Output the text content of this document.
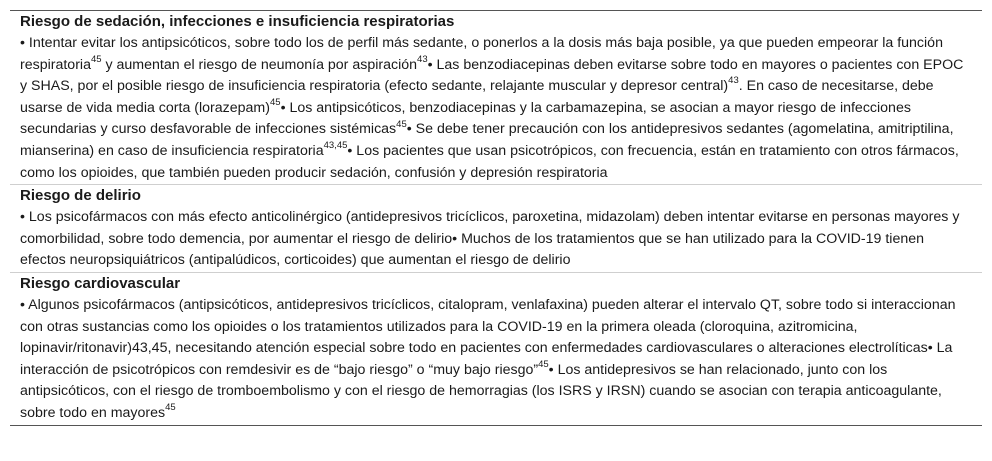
Riesgo de sedación, infecciones e insuficiencia respiratorias

• Intentar evitar los antipsicóticos, sobre todo los de perfil más sedante, o ponerlos a la dosis más baja posible, ya que pueden empeorar la función respiratoria$^{45}$ y aumentan el riesgo de neumonía por aspiración$^{43}$• Las benzodiacepinas deben evitarse sobre todo en mayores o pacientes con EPOC y SHAS, por el posible riesgo de insuficiencia respiratoria (efecto sedante, relajante muscular y depresor central)$^{43}$. En caso de necesitarse, debe usarse de vida media corta (lorazepam)$^{45}$• Los antipsicóticos, benzodiacepinas y la carbamazepina, se asocian a mayor riesgo de infecciones secundarias y curso desfavorable de infecciones sistémicas$^{45}$• Se debe tener precaución con los antidepresivos sedantes (agomelatina, amitriptilina, mianserina) en caso de insuficiencia respiratoria$^{43,45}$• Los pacientes que usan psicotrópicos, con frecuencia, están en tratamiento con otros fármacos, como los opioides, que también pueden producir sedación, confusión y depresión respiratoria

Riesgo de delirio

• Los psicofármacos con más efecto anticolinérgico (antidepresivos tricíclicos, paroxetina, midazolam) deben intentar evitarse en personas mayores y comorbilidad, sobre todo demencia, por aumentar el riesgo de delirio• Muchos de los tratamientos que se han utilizado para la COVID-19 tienen efectos neuropsiquiátricos (antipalúdicos, corticoides) que aumentan el riesgo de delirio

Riesgo cardiovascular

• Algunos psicofármacos (antipsicóticos, antidepresivos tricíclicos, citalopram, venlafaxina) pueden alterar el intervalo QT, sobre todo si interaccionan con otras sustancias como los opioides o los tratamientos utilizados para la COVID-19 en la primera oleada (cloroquina, azitromicina, lopinavir/ritonavir)43,45, necesitando atención especial sobre todo en pacientes con enfermedades cardiovasculares o alteraciones electrolíticas• La interacción de psicotrópicos con remdesivir es de “bajo riesgo” o “muy bajo riesgo”$^{45}$• Los antidepresivos se han relacionado, junto con los antipsicóticos, con el riesgo de tromboembolismo y con el riesgo de hemorragias (los ISRS y IRSN) cuando se asocian con terapia anticoagulante, sobre todo en mayores$^{45}$
